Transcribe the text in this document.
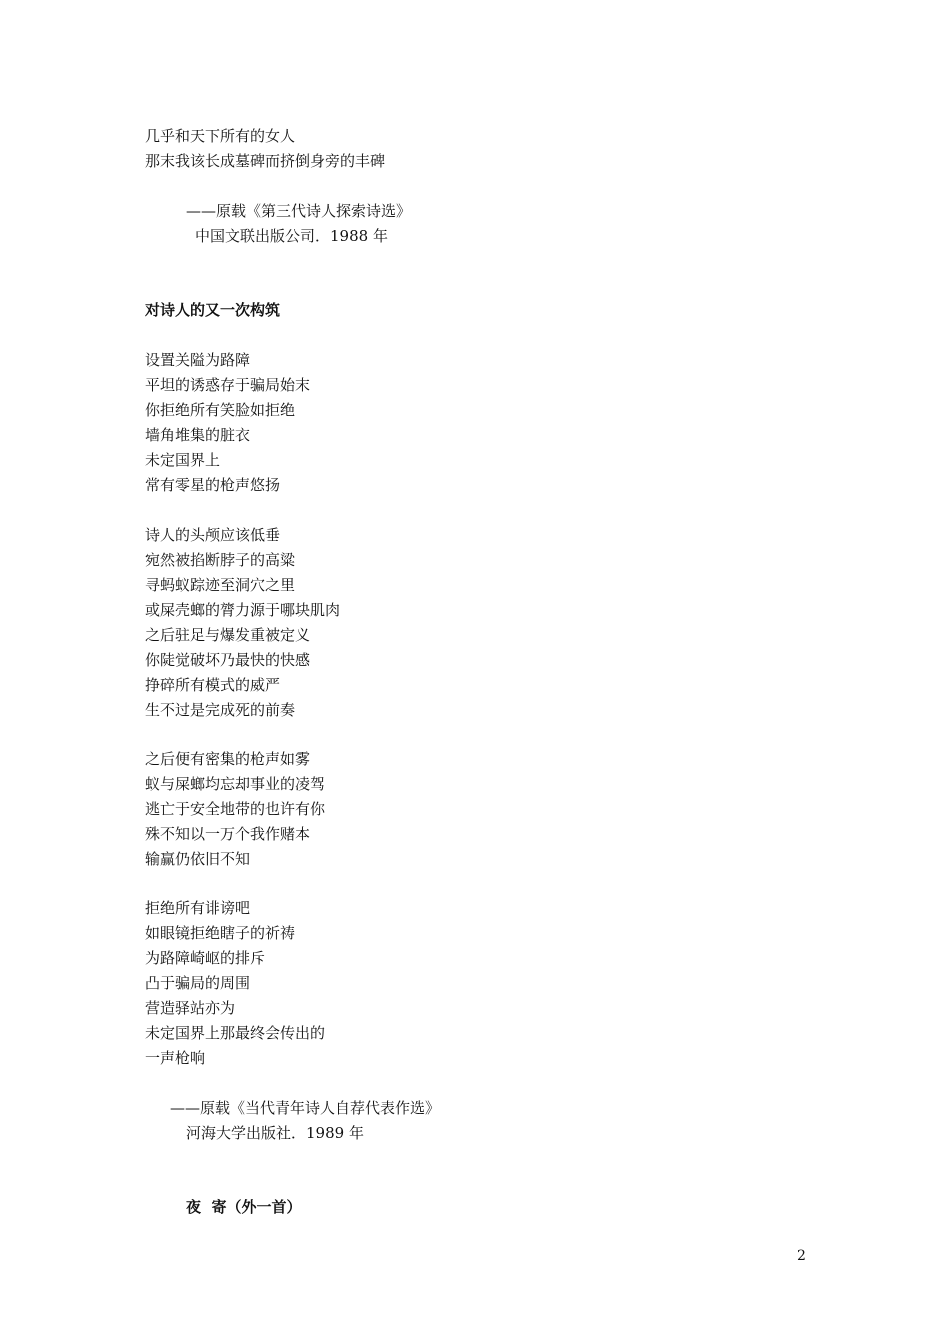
几乎和天下所有的女人
那末我该长成墓碑而挤倒身旁的丰碑
——原载《第三代诗人探索诗选》
中国文联出版公司．1988 年
对诗人的又一次构筑
设置关隘为路障
平坦的诱惑存于骗局始末
你拒绝所有笑脸如拒绝
墙角堆集的脏衣
未定国界上
常有零星的枪声悠扬
诗人的头颅应该低垂
宛然被掐断脖子的高粱
寻蚂蚁踪迹至洞穴之里
或屎壳螂的膂力源于哪块肌肉
之后驻足与爆发重被定义
你陡觉破坏乃最快的快感
挣碎所有模式的威严
生不过是完成死的前奏
之后便有密集的枪声如雾
蚁与屎螂均忘却事业的凌驾
逃亡于安全地带的也许有你
殊不知以一万个我作赌本
输赢仍依旧不知
拒绝所有诽谤吧
如眼镜拒绝瞎子的祈祷
为路障崎岖的排斥
凸于骗局的周围
营造驿站亦为
未定国界上那最终会传出的
一声枪响
——原载《当代青年诗人自荐代表作选》
河海大学出版社．1989 年
夜  寄（外一首）
2
